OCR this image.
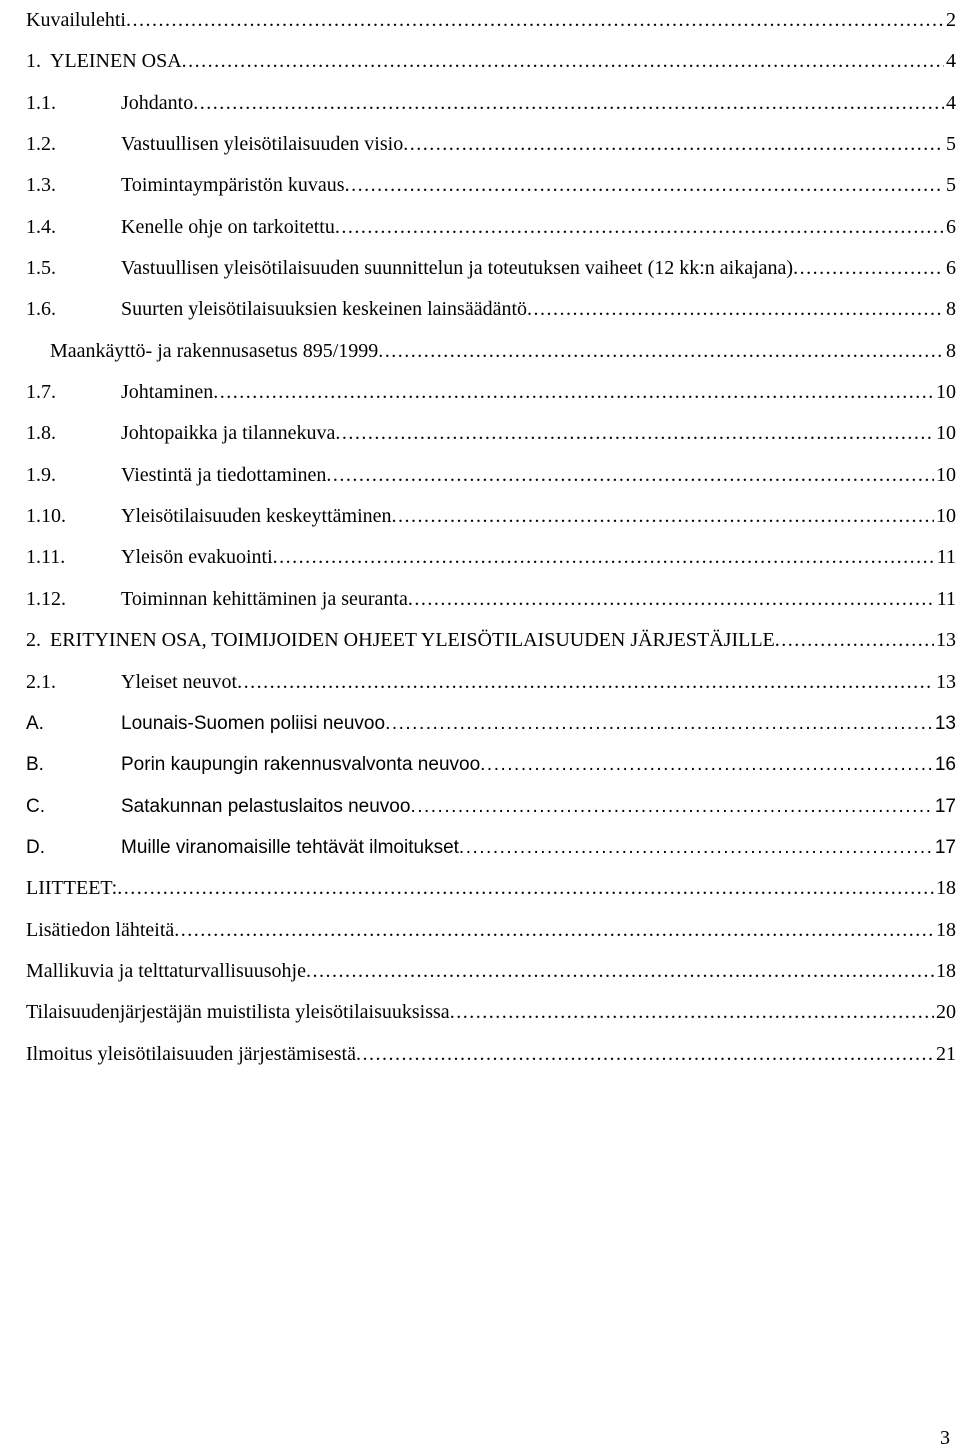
Kuvailulehti .....	2
1. YLEINEN OSA .....	4
1.1.	Johdanto .....	4
1.2.	Vastuullisen yleisötilaisuuden visio .....	5
1.3.	Toimintaympäristön kuvaus .....	5
1.4.	Kenelle ohje on tarkoitettu .....	6
1.5.	Vastuullisen yleisötilaisuuden suunnittelun ja toteutuksen vaiheet (12 kk:n aikajana) .....	6
1.6.	Suurten yleisötilaisuuksien keskeinen lainsäädäntö .....	8
Maankäyttö- ja rakennusasetus 895/1999 .....	8
1.7.	Johtaminen .....	10
1.8.	Johtopaikka ja tilannekuva .....	10
1.9.	Viestintä ja tiedottaminen .....	10
1.10.	Yleisötilaisuuden keskeyttäminen .....	10
1.11.	Yleisön evakuointi .....	11
1.12.	Toiminnan kehittäminen ja seuranta .....	11
2. ERITYINEN OSA, TOIMIJOIDEN OHJEET YLEISÖTILAISUUDEN JÄRJESTÄJILLE .....	13
2.1.	Yleiset neuvot .....	13
A.	Lounais-Suomen poliisi neuvoo .....	13
B.	Porin kaupungin rakennusvalvonta neuvoo .....	16
C.	Satakunnan pelastuslaitos neuvoo .....	17
D.	Muille viranomaisille tehtävät ilmoitukset .....	17
LIITTEET: .....	18
Lisätiedon lähteitä .....	18
Mallikuvia ja telttaturvallisuusohje .....	18
Tilaisuudenjärjestäjän muistilista yleisötilaisuuksissa .....	20
Ilmoitus yleisötilaisuuden järjestämisestä .....	21
3
